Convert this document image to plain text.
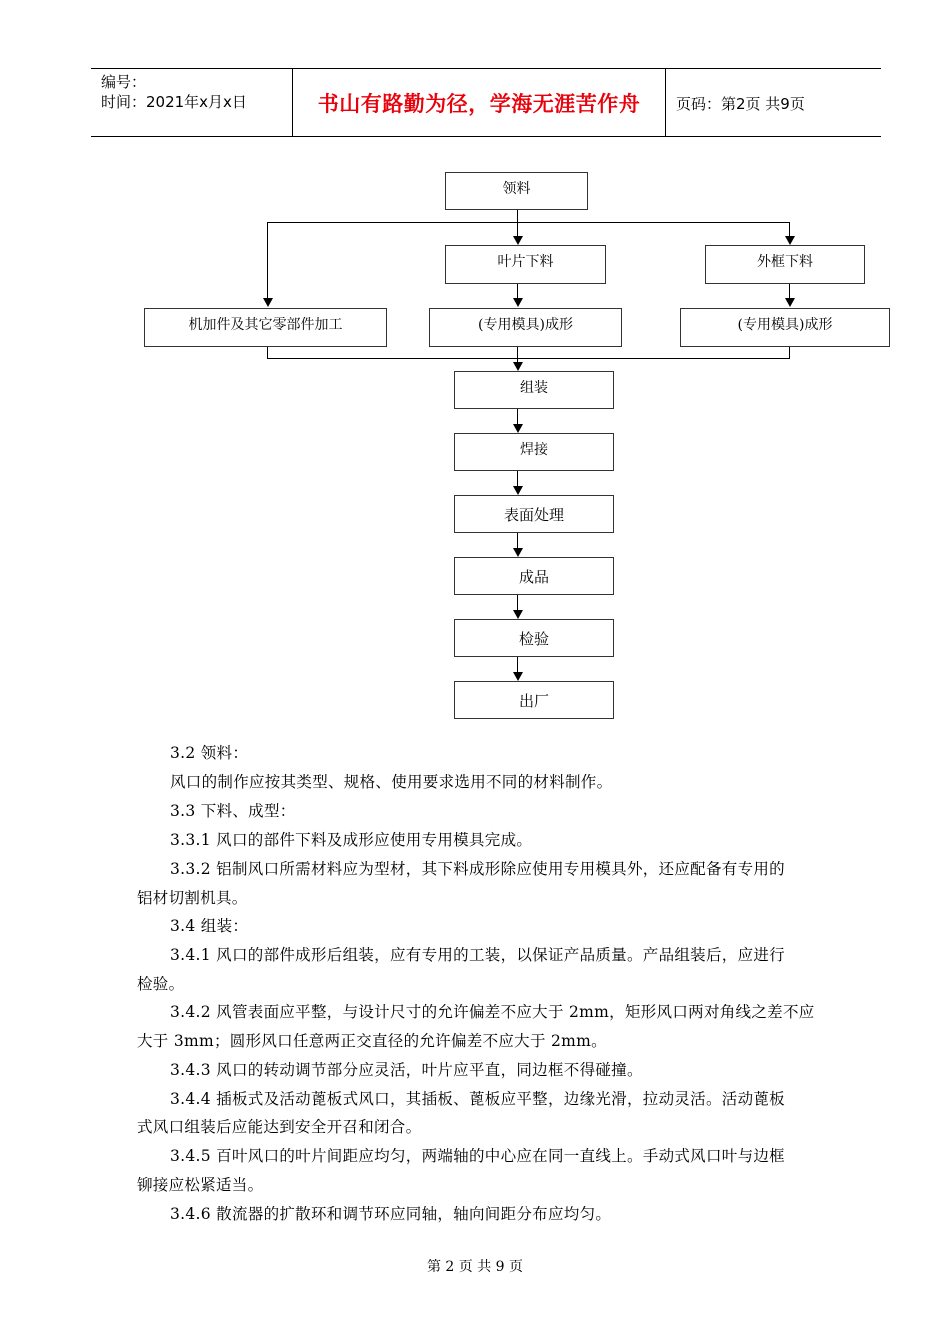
编号：
时间：2021年x月x日	书山有路勤为径，学海无涯苦作舟	页码：第2页 共9页
领料
叶片下料	外框下料
机加件及其它零部件加工	(专用模具)成形	(专用模具)成形
组装
焊接
表面处理
成品
检验
出厂
3.2 领料：
风口的制作应按其类型、规格、使用要求选用不同的材料制作。
3.3 下料、成型：
3.3.1 风口的部件下料及成形应使用专用模具完成。
3.3.2 铝制风口所需材料应为型材，其下料成形除应使用专用模具外，还应配备有专用的
铝材切割机具。
3.4 组装：
3.4.1 风口的部件成形后组装，应有专用的工装，以保证产品质量。产品组装后，应进行
检验。
3.4.2 风管表面应平整，与设计尺寸的允许偏差不应大于 2mm，矩形风口两对角线之差不应
大于 3mm；圆形风口任意两正交直径的允许偏差不应大于 2mm。
3.4.3 风口的转动调节部分应灵活，叶片应平直，同边框不得碰撞。
3.4.4 插板式及活动蓖板式风口，其插板、蓖板应平整，边缘光滑，拉动灵活。活动蓖板
式风口组装后应能达到安全开召和闭合。
3.4.5 百叶风口的叶片间距应均匀，两端轴的中心应在同一直线上。手动式风口叶与边框
铆接应松紧适当。
3.4.6 散流器的扩散环和调节环应同轴，轴向间距分布应均匀。
第 2 页 共 9 页
